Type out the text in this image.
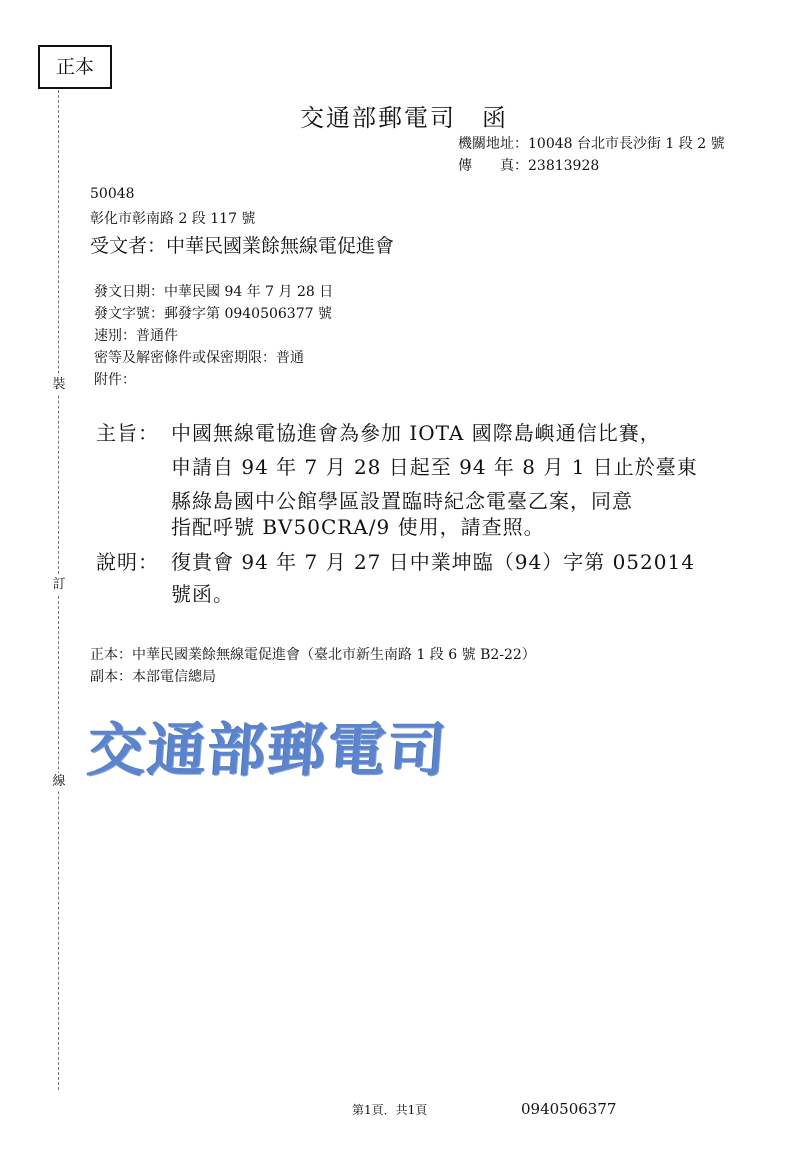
正本
裝
訂
線
交通部郵電司　函
機關地址：10048 台北市長沙街 1 段 2 號
傳　　真：23813928
50048
彰化市彰南路 2 段 117 號
受文者：中華民國業餘無線電促進會
發文日期：中華民國 94 年 7 月 28 日
發文字號：郵發字第 0940506377 號
速別：普通件
密等及解密條件或保密期限：普通
附件：
主旨： 中國無線電協進會為參加 IOTA 國際島嶼通信比賽，
申請自 94 年 7 月 28 日起至 94 年 8 月 1 日止於臺東
縣綠島國中公館學區設置臨時紀念電臺乙案，同意
指配呼號 BV50CRA/9 使用，請查照。
說明： 復貴會 94 年 7 月 27 日中業坤臨（94）字第 052014
號函。
正本：中華民國業餘無線電促進會（臺北市新生南路 1 段 6 號 B2-22）
副本：本部電信總局
交通部郵電司
第1頁．共1頁	0940506377
